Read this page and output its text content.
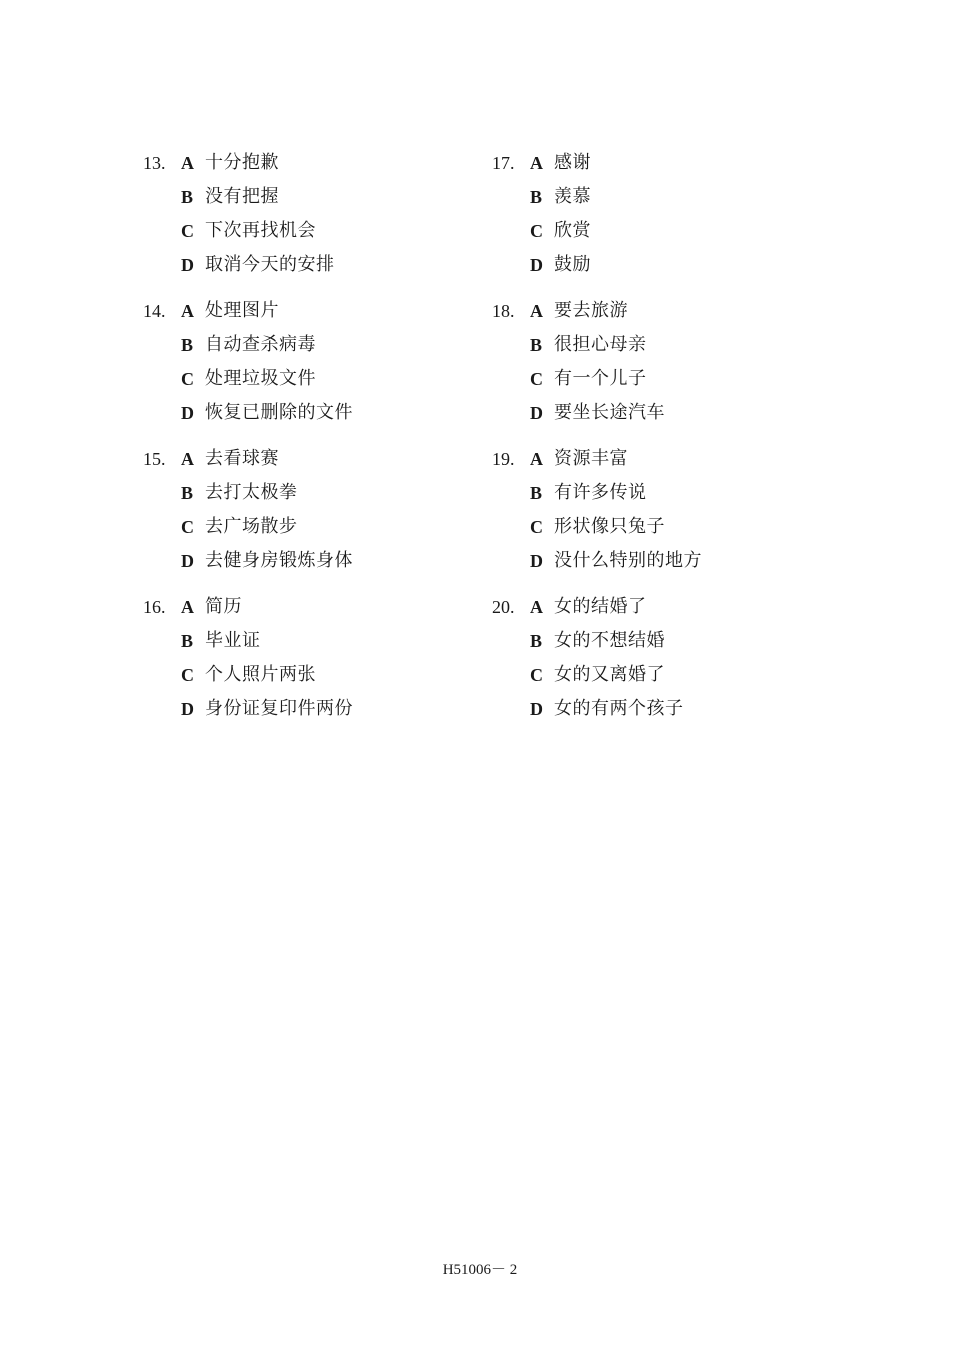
13. A 十分抱歉
B 没有把握
C 下次再找机会
D 取消今天的安排
14. A 处理图片
B 自动查杀病毒
C 处理垃圾文件
D 恢复已删除的文件
15. A 去看球赛
B 去打太极拳
C 去广场散步
D 去健身房锻炼身体
16. A 简历
B 毕业证
C 个人照片两张
D 身份证复印件两份
17. A 感谢
B 羡慕
C 欣赏
D 鼓励
18. A 要去旅游
B 很担心母亲
C 有一个儿子
D 要坐长途汽车
19. A 资源丰富
B 有许多传说
C 形状像只兔子
D 没什么特别的地方
20. A 女的结婚了
B 女的不想结婚
C 女的又离婚了
D 女的有两个孩子
H51006－ 2
